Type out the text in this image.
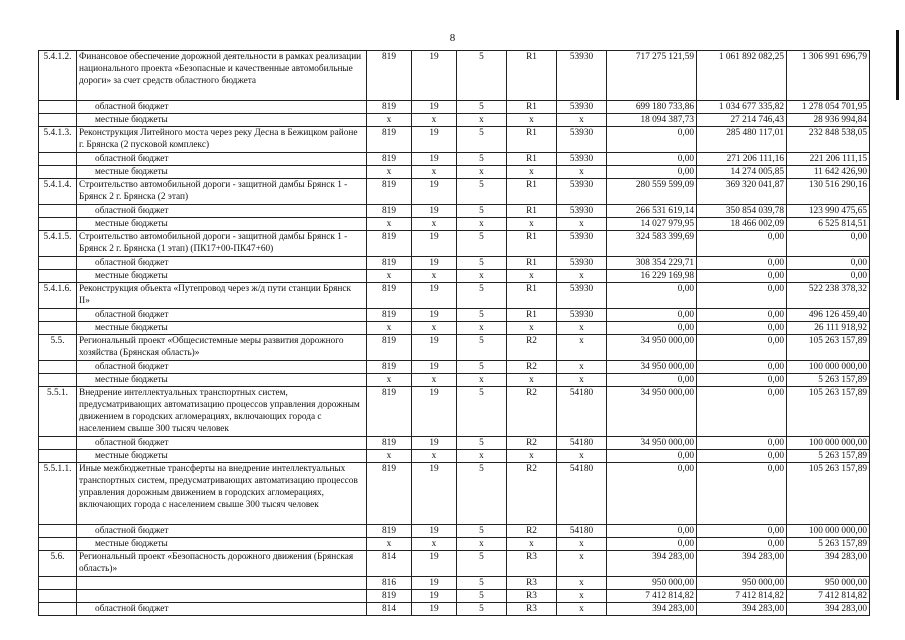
8
5.4.1.2.	Финансовое обеспечение дорожной деятельности в рамках реализации национального проекта «Безопасные и качественные автомобильные дороги» за счет средств областного бюджета	819	19	5	R1	53930	717 275 121,59	1 061 892 082,25	1 306 991 696,79
	областной бюджет	819	19	5	R1	53930	699 180 733,86	1 034 677 335,82	1 278 054 701,95
	местные бюджеты	x	x	x	x	x	18 094 387,73	27 214 746,43	28 936 994,84
5.4.1.3.	Реконструкция Литейного моста через реку Десна в Бежицком районе г. Брянска (2 пусковой комплекс)	819	19	5	R1	53930	0,00	285 480 117,01	232 848 538,05
	областной бюджет	819	19	5	R1	53930	0,00	271 206 111,16	221 206 111,15
	местные бюджеты	x	x	x	x	x	0,00	14 274 005,85	11 642 426,90
5.4.1.4.	Строительство автомобильной дороги - защитной дамбы Брянск 1 - Брянск 2 г. Брянска (2 этап)	819	19	5	R1	53930	280 559 599,09	369 320 041,87	130 516 290,16
	областной бюджет	819	19	5	R1	53930	266 531 619,14	350 854 039,78	123 990 475,65
	местные бюджеты	x	x	x	x	x	14 027 979,95	18 466 002,09	6 525 814,51
5.4.1.5.	Строительство автомобильной дороги - защитной дамбы Брянск 1 - Брянск 2 г. Брянска (1 этап) (ПК17+00-ПК47+60)	819	19	5	R1	53930	324 583 399,69	0,00	0,00
	областной бюджет	819	19	5	R1	53930	308 354 229,71	0,00	0,00
	местные бюджеты	x	x	x	x	x	16 229 169,98	0,00	0,00
5.4.1.6.	Реконструкция объекта «Путепровод через ж/д пути станции Брянск II»	819	19	5	R1	53930	0,00	0,00	522 238 378,32
	областной бюджет	819	19	5	R1	53930	0,00	0,00	496 126 459,40
	местные бюджеты	x	x	x	x	x	0,00	0,00	26 111 918,92
5.5.	Региональный проект «Общесистемные меры развития дорожного хозяйства (Брянская область)»	819	19	5	R2	x	34 950 000,00	0,00	105 263 157,89
	областной бюджет	819	19	5	R2	x	34 950 000,00	0,00	100 000 000,00
	местные бюджеты	x	x	x	x	x	0,00	0,00	5 263 157,89
5.5.1.	Внедрение интеллектуальных транспортных систем, предусматривающих автоматизацию процессов управления дорожным движением в городских агломерациях, включающих города с населением свыше 300 тысяч человек	819	19	5	R2	54180	34 950 000,00	0,00	105 263 157,89
	областной бюджет	819	19	5	R2	54180	34 950 000,00	0,00	100 000 000,00
	местные бюджеты	x	x	x	x	x	0,00	0,00	5 263 157,89
5.5.1.1.	Иные межбюджетные трансферты на внедрение интеллектуальных транспортных систем, предусматривающих автоматизацию процессов управления дорожным движением в городских агломерациях, включающих города с населением свыше 300 тысяч человек	819	19	5	R2	54180	0,00	0,00	105 263 157,89
	областной бюджет	819	19	5	R2	54180	0,00	0,00	100 000 000,00
	местные бюджеты	x	x	x	x	x	0,00	0,00	5 263 157,89
5.6.	Региональный проект «Безопасность дорожного движения (Брянская область)»	814	19	5	R3	x	394 283,00	394 283,00	394 283,00
		816	19	5	R3	x	950 000,00	950 000,00	950 000,00
		819	19	5	R3	x	7 412 814,82	7 412 814,82	7 412 814,82
	областной бюджет	814	19	5	R3	x	394 283,00	394 283,00	394 283,00
